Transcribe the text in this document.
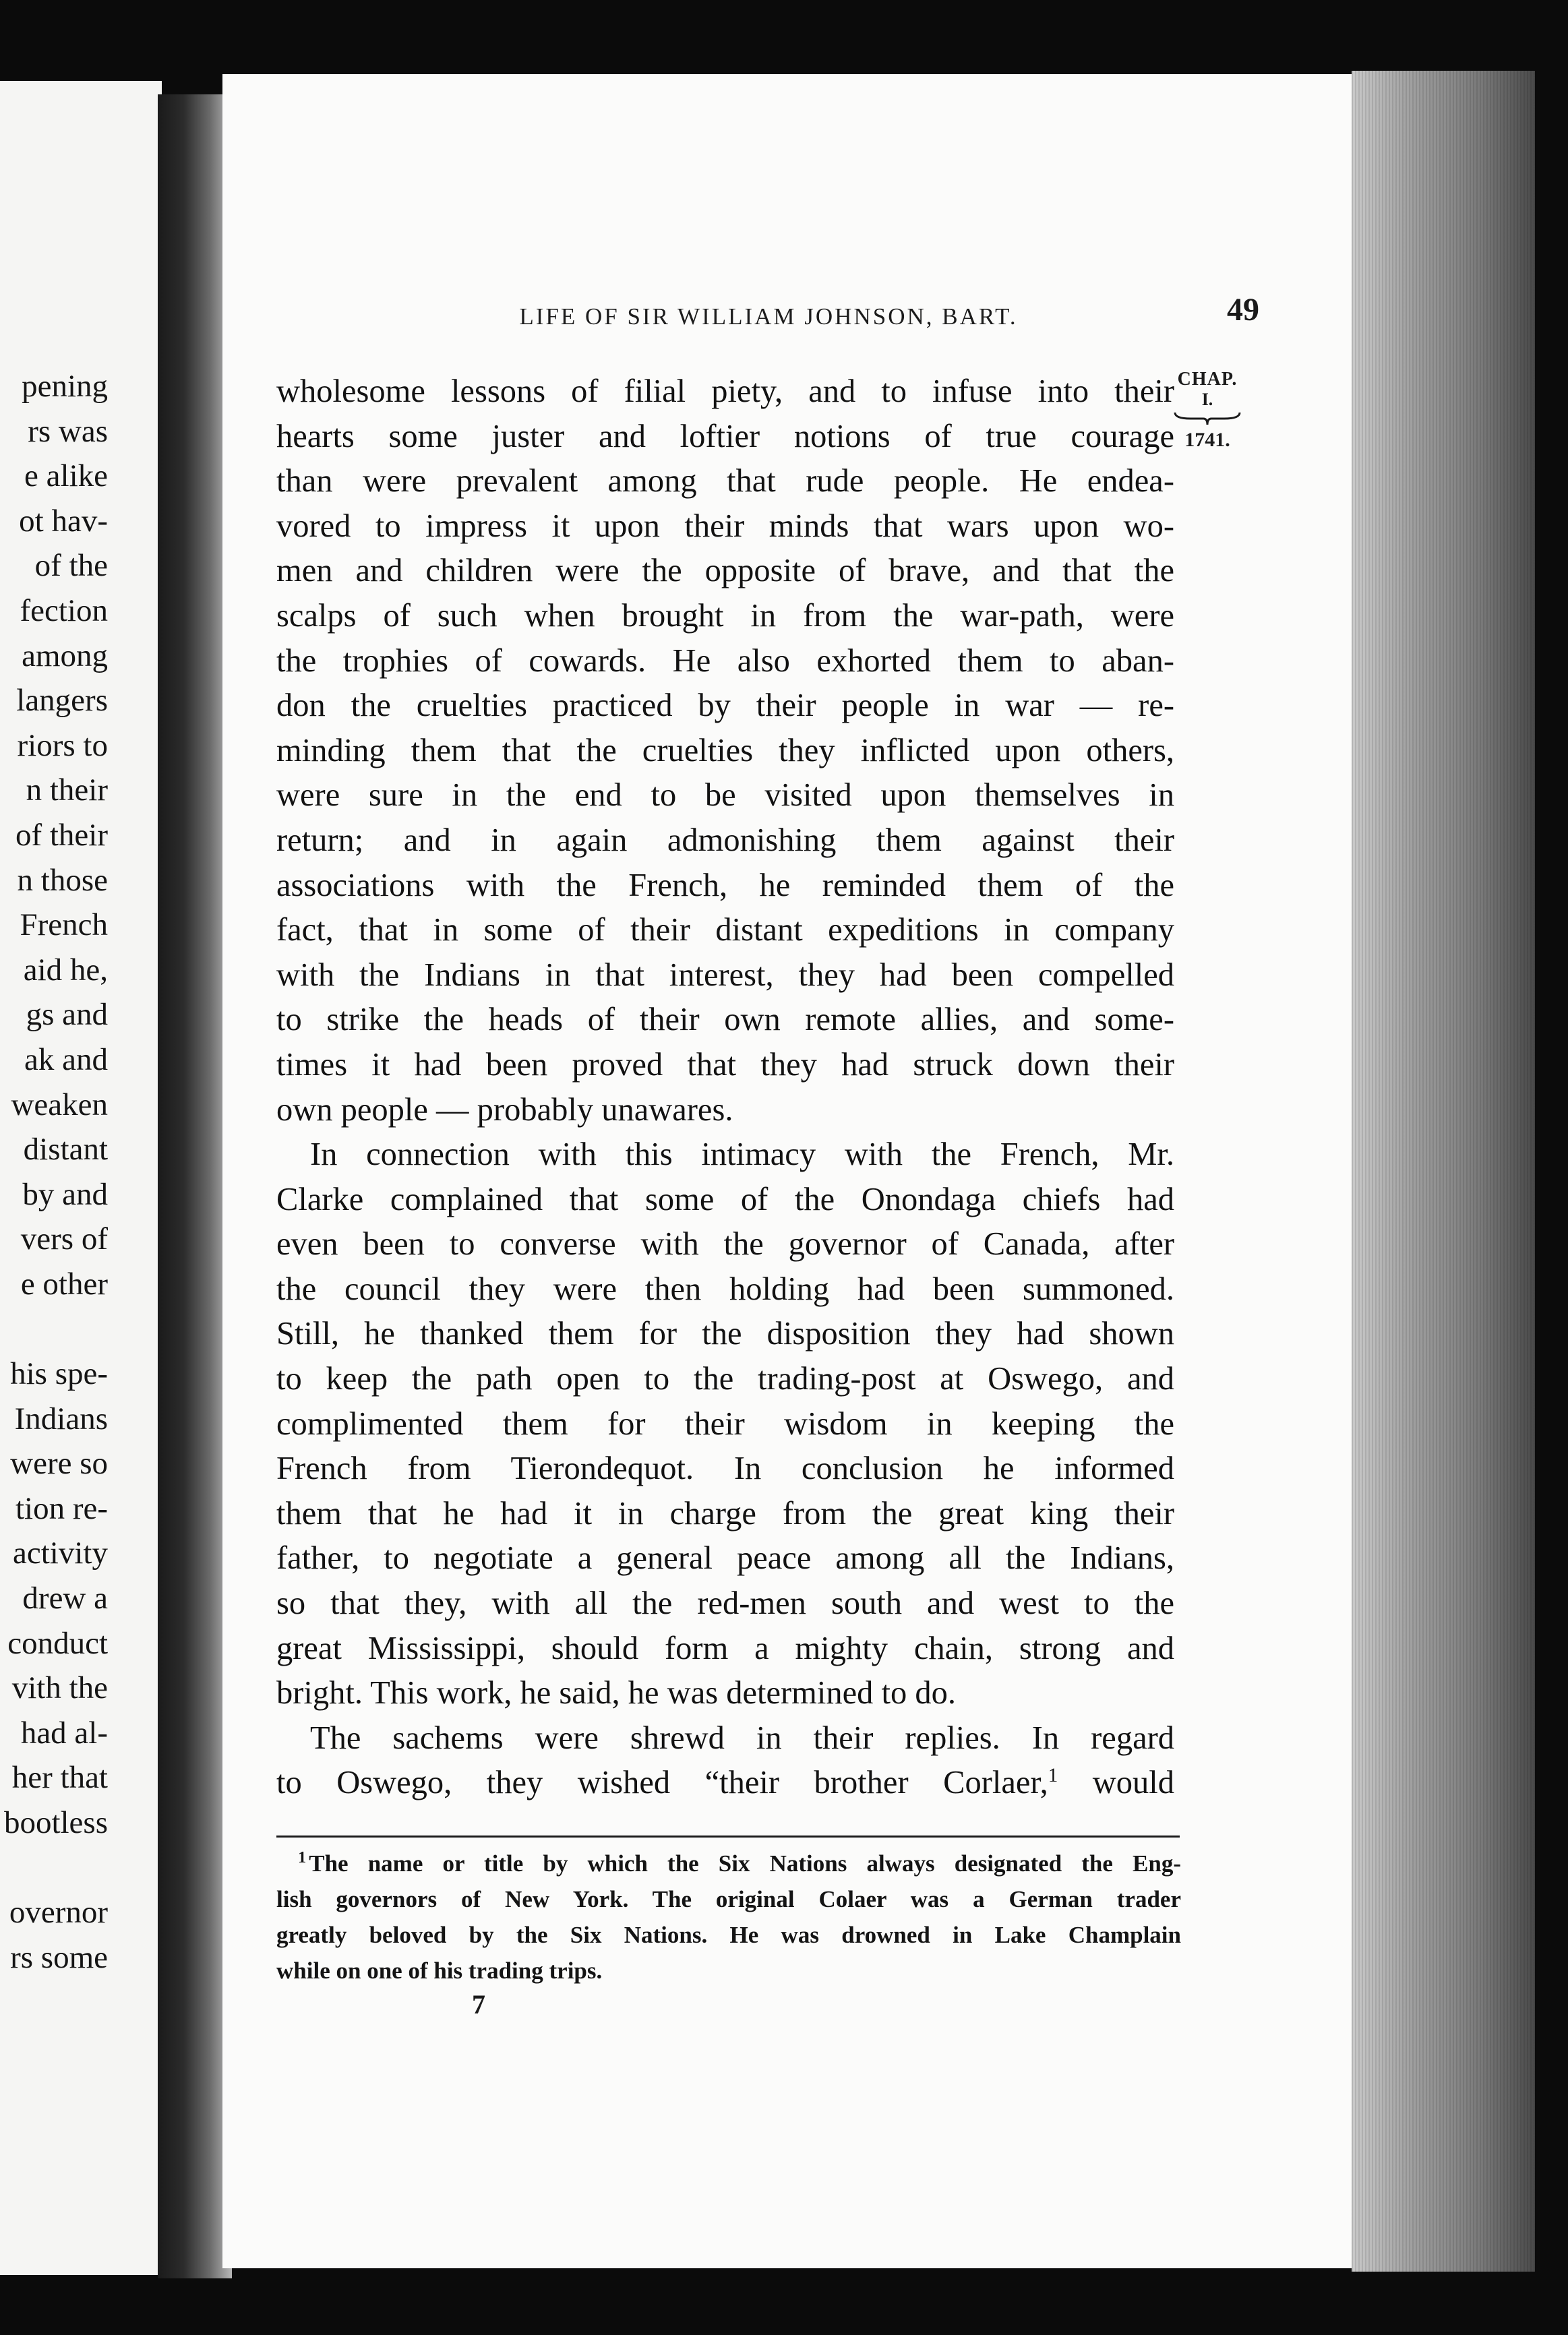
pening
rs was
e alike
ot hav-
of the
fection
among
langers
riors to
n their
of their
n those
French
aid he,
gs and
ak and
weaken
distant
by and
vers of
e other
his spe-
Indians
were so
tion re-
activity
drew a
conduct
vith the
had al-
her that
bootless
overnor
rs some
LIFE OF SIR WILLIAM JOHNSON, BART.	49
CHAP.
I.
1741.
wholesome lessons of filial piety, and to infuse into their
hearts some juster and loftier notions of true courage
than were prevalent among that rude people. He endea-
vored to impress it upon their minds that wars upon wo-
men and children were the opposite of brave, and that the
scalps of such when brought in from the war-path, were
the trophies of cowards. He also exhorted them to aban-
don the cruelties practiced by their people in war — re-
minding them that the cruelties they inflicted upon others,
were sure in the end to be visited upon themselves in
return; and in again admonishing them against their
associations with the French, he reminded them of the
fact, that in some of their distant expeditions in company
with the Indians in that interest, they had been compelled
to strike the heads of their own remote allies, and some-
times it had been proved that they had struck down their
own people — probably unawares.
In connection with this intimacy with the French, Mr.
Clarke complained that some of the Onondaga chiefs had
even been to converse with the governor of Canada, after
the council they were then holding had been summoned.
Still, he thanked them for the disposition they had shown
to keep the path open to the trading-post at Oswego, and
complimented them for their wisdom in keeping the
French from Tierondequot. In conclusion he informed
them that he had it in charge from the great king their
father, to negotiate a general peace among all the Indians,
so that they, with all the red-men south and west to the
great Mississippi, should form a mighty chain, strong and
bright. This work, he said, he was determined to do.
The sachems were shrewd in their replies. In regard
to Oswego, they wished “their brother Corlaer,$^1$ would
$^1$ The name or title by which the Six Nations always designated the Eng-
lish governors of New York. The original Colaer was a German trader
greatly beloved by the Six Nations. He was drowned in Lake Champlain
while on one of his trading trips.
7
